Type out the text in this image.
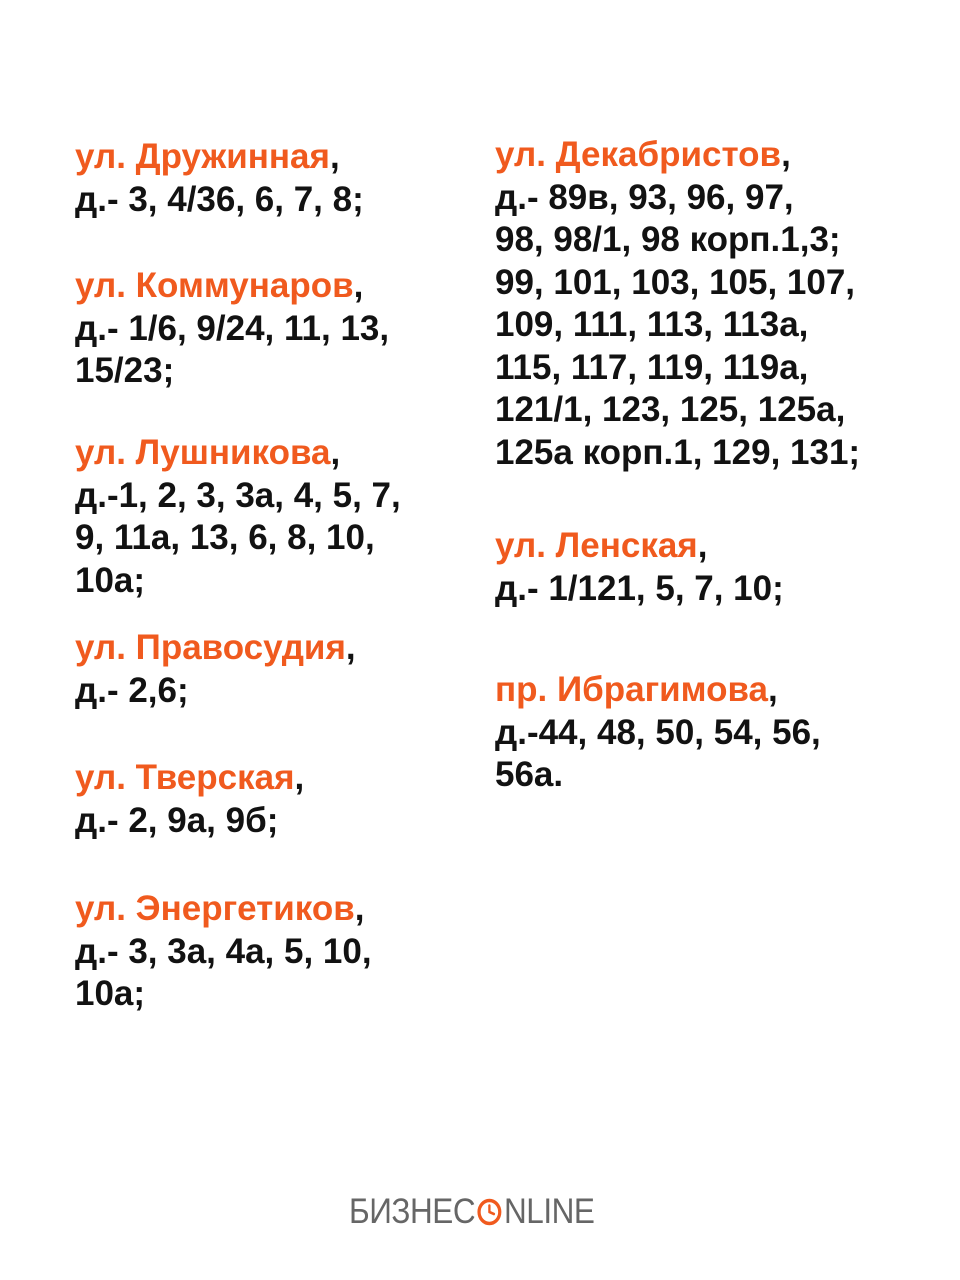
ул. Дружинная,
д.- 3, 4/36, 6, 7, 8;
ул. Коммунаров,
д.- 1/6, 9/24, 11, 13,
15/23;
ул. Лушникова,
д.-1, 2, 3, 3а, 4, 5, 7,
9, 11а, 13, 6, 8, 10,
10а;
ул. Правосудия,
д.- 2,6;
ул. Тверская,
д.- 2, 9а, 9б;
ул. Энергетиков,
д.- 3, 3а, 4а, 5, 10,
10а;
ул. Декабристов,
д.- 89в, 93, 96, 97,
98, 98/1, 98 корп.1,3;
99, 101, 103, 105, 107,
109, 111, 113, 113а,
115, 117, 119, 119а,
121/1, 123, 125, 125а,
125а корп.1, 129, 131;
ул. Ленская,
д.- 1/121, 5, 7, 10;
пр. Ибрагимова,
д.-44, 48, 50, 54, 56,
56а.
БИЗНЕС NLINE
